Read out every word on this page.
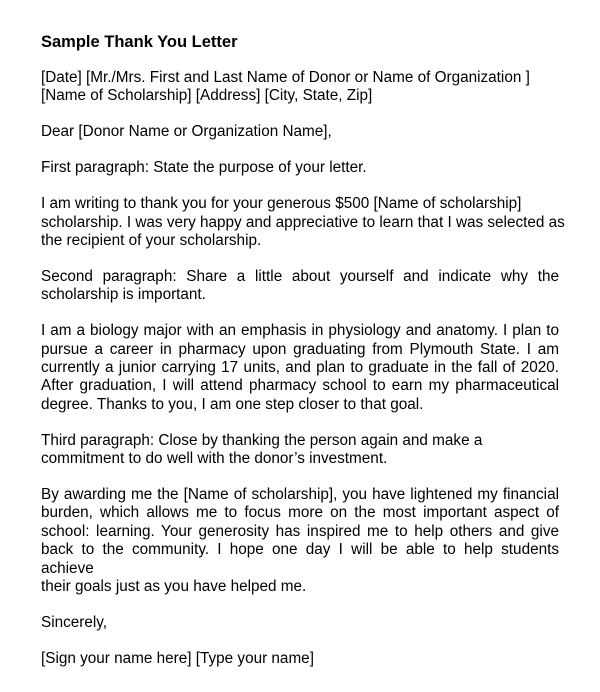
Sample Thank You Letter
[Date] [Mr./Mrs. First and Last Name of Donor or Name of Organization ]
[Name of Scholarship] [Address] [City, State, Zip]
Dear [Donor Name or Organization Name],
First paragraph: State the purpose of your letter.
I am writing to thank you for your generous $500 [Name of scholarship]
scholarship. I was very happy and appreciative to learn that I was selected as
the recipient of your scholarship.
Second paragraph: Share a little about yourself and indicate why the
scholarship is important.
I am a biology major with an emphasis in physiology and anatomy. I plan to
pursue a career in pharmacy upon graduating from Plymouth State. I am
currently a junior carrying 17 units, and plan to graduate in the fall of 2020.
After graduation, I will attend pharmacy school to earn my pharmaceutical
degree. Thanks to you, I am one step closer to that goal.
Third paragraph: Close by thanking the person again and make a
commitment to do well with the donor’s investment.
By awarding me the [Name of scholarship], you have lightened my financial
burden, which allows me to focus more on the most important aspect of
school: learning. Your generosity has inspired me to help others and give
back to the community. I hope one day I will be able to help students achieve
their goals just as you have helped me.
Sincerely,
[Sign your name here] [Type your name]
